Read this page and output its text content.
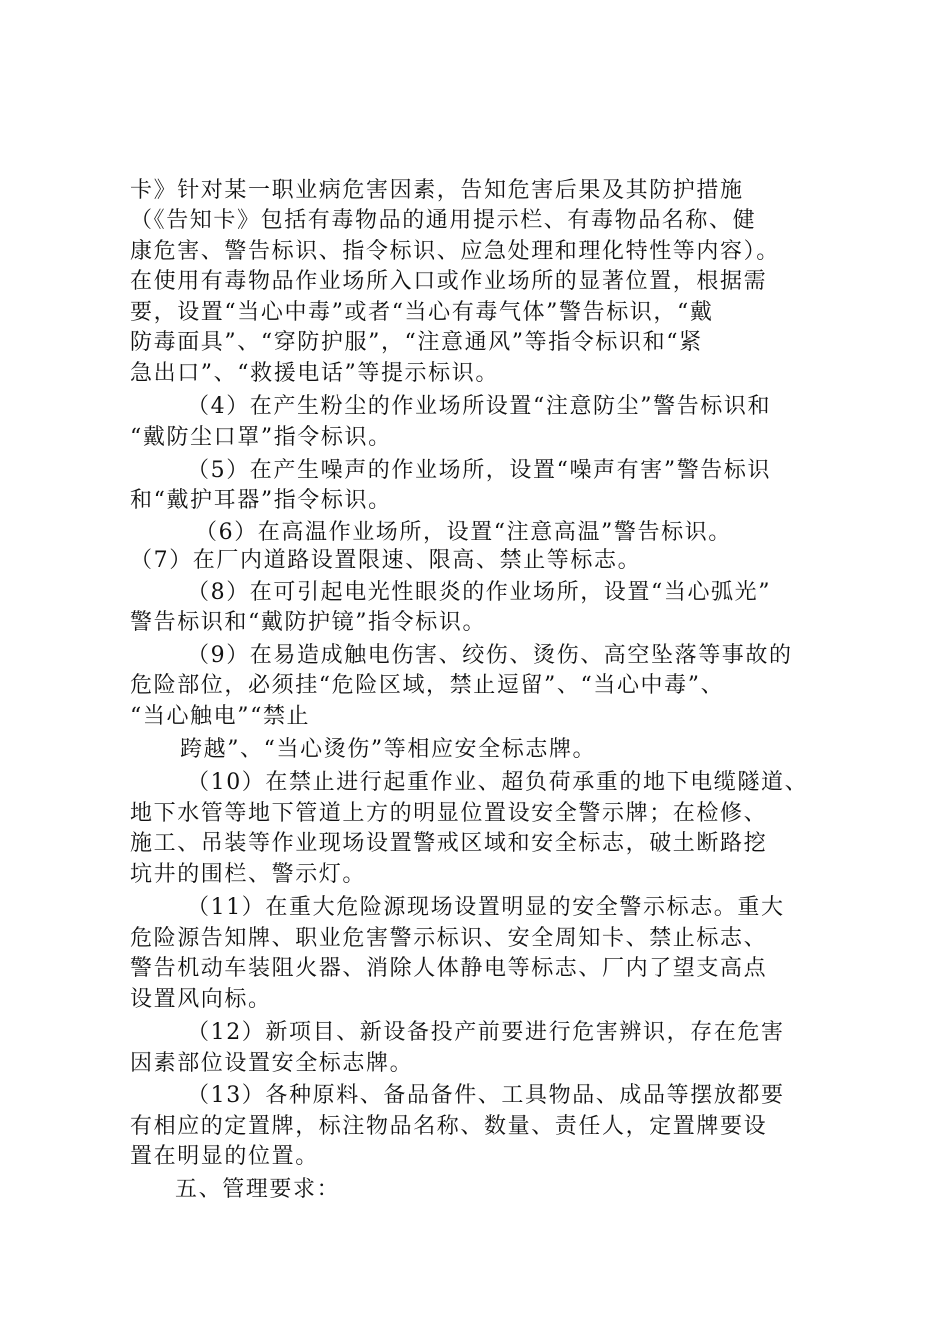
卡》针对某一职业病危害因素，告知危害后果及其防护措施
（《告知卡》包括有毒物品的通用提示栏、有毒物品名称、健
康危害、警告标识、指令标识、应急处理和理化特性等内容）。
在使用有毒物品作业场所入口或作业场所的显著位置，根据需
要，设置“当心中毒”或者“当心有毒气体”警告标识，“戴
防毒面具”、“穿防护服”，“注意通风”等指令标识和“紧
急出口”、“救援电话”等提示标识。
（4）在产生粉尘的作业场所设置“注意防尘”警告标识和
“戴防尘口罩”指令标识。
（5）在产生噪声的作业场所，设置“噪声有害”警告标识
和“戴护耳器”指令标识。
（6）在高温作业场所，设置“注意高温”警告标识。
（7）在厂内道路设置限速、限高、禁止等标志。
（8）在可引起电光性眼炎的作业场所，设置“当心弧光”
警告标识和“戴防护镜”指令标识。
（9）在易造成触电伤害、绞伤、烫伤、高空坠落等事故的
危险部位，必须挂“危险区域，禁止逗留”、“当心中毒”、
“当心触电”“禁止
跨越”、“当心烫伤”等相应安全标志牌。
（10）在禁止进行起重作业、超负荷承重的地下电缆隧道、
地下水管等地下管道上方的明显位置设安全警示牌；在检修、
施工、吊装等作业现场设置警戒区域和安全标志，破土断路挖
坑井的围栏、警示灯。
（11）在重大危险源现场设置明显的安全警示标志。重大
危险源告知牌、职业危害警示标识、安全周知卡、禁止标志、
警告机动车装阻火器、消除人体静电等标志、厂内了望支高点
设置风向标。
（12）新项目、新设备投产前要进行危害辨识，存在危害
因素部位设置安全标志牌。
（13）各种原料、备品备件、工具物品、成品等摆放都要
有相应的定置牌，标注物品名称、数量、责任人，定置牌要设
置在明显的位置。
五、管理要求：
